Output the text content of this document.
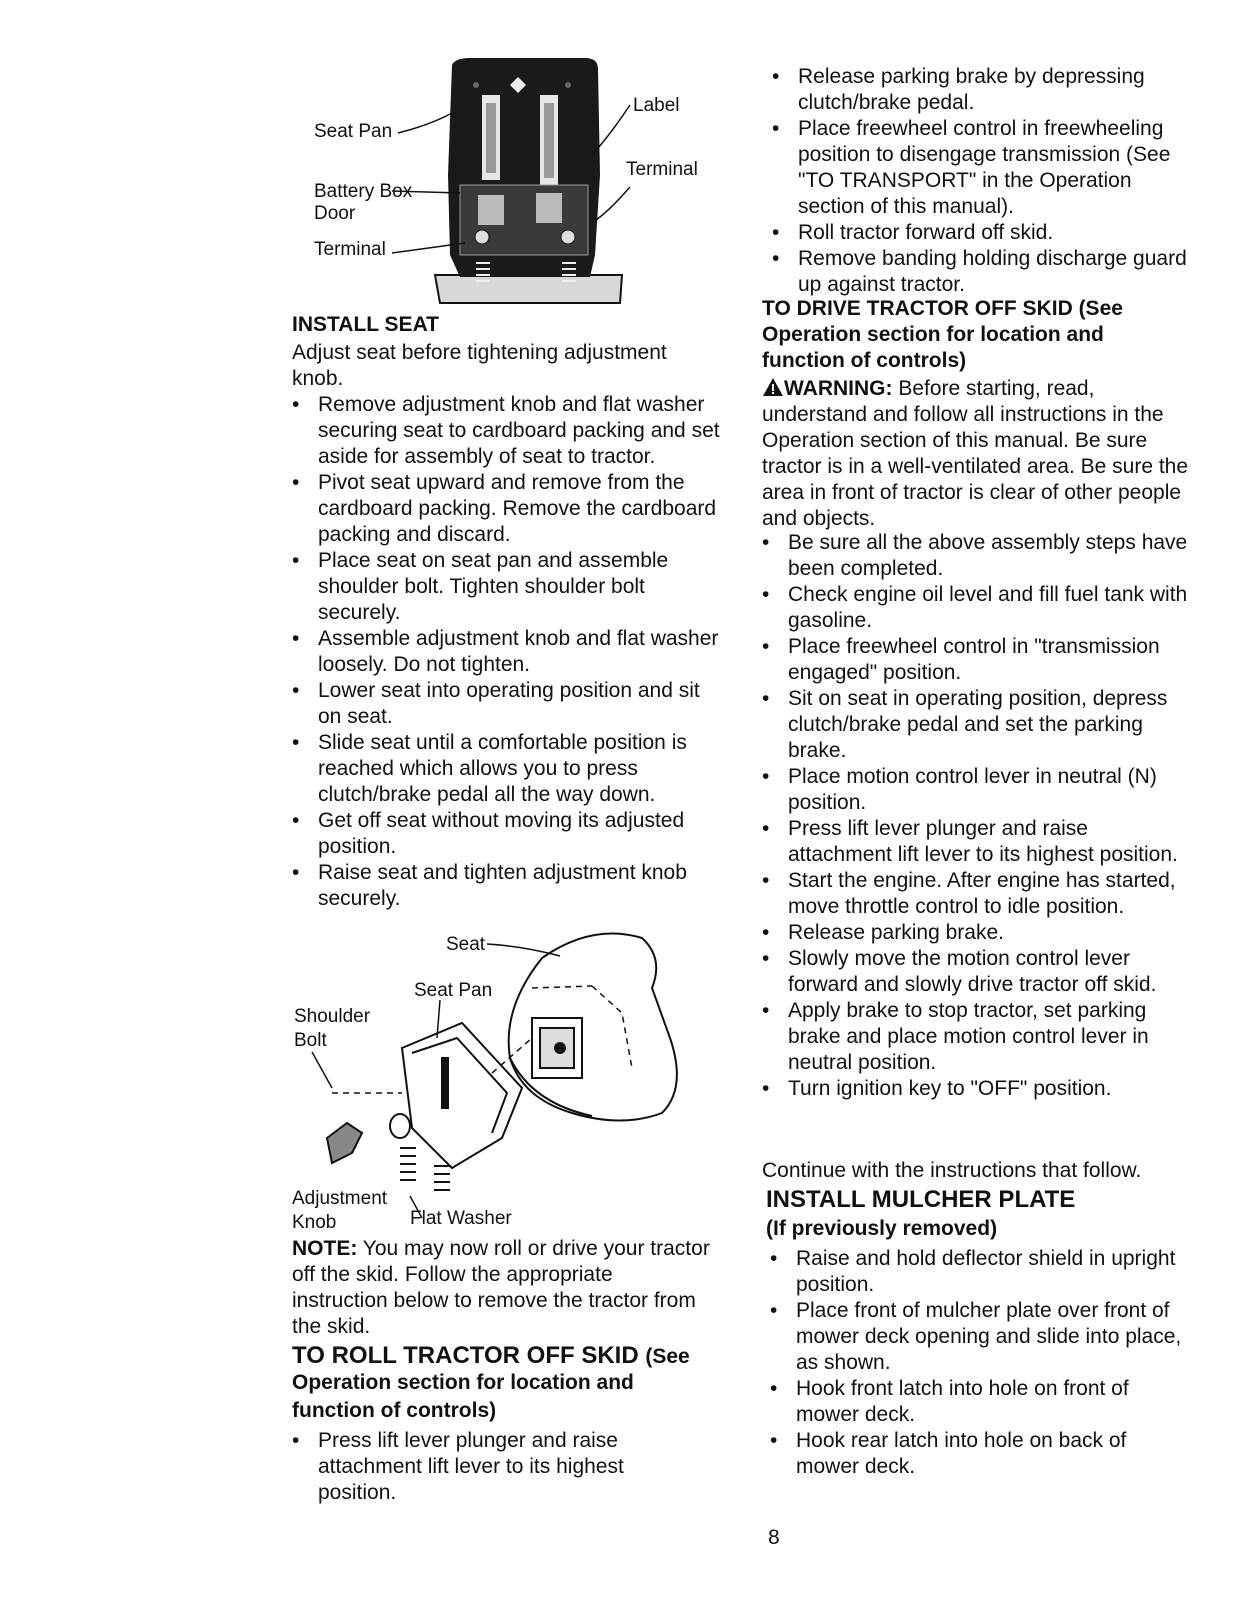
Seat Pan
Label
Terminal
Battery Box
Door
Terminal
INSTALL SEAT

Adjust seat before tightening adjustment knob.

• Remove adjustment knob and flat washer securing seat to cardboard packing and set aside for assembly of seat to tractor.
• Pivot seat upward and remove from the cardboard packing. Remove the cardboard packing and discard.
• Place seat on seat pan and assemble shoulder bolt. Tighten shoulder bolt securely.
• Assemble adjustment knob and flat washer loosely. Do not tighten.
• Lower seat into operating position and sit on seat.
• Slide seat until a comfortable position is reached which allows you to press clutch/brake pedal all the way down.
• Get off seat without moving its adjusted position.
• Raise seat and tighten adjustment knob securely.
Seat
Seat Pan
Shoulder
Bolt
Adjustment
Knob	Flat Washer

NOTE: You may now roll or drive your tractor off the skid. Follow the appropriate instruction below to remove the tractor from the skid.

TO ROLL TRACTOR OFF SKID (See
Operation section for location and
function of controls)
• Press lift lever plunger and raise attachment lift lever to its highest position.
• Release parking brake by depressing clutch/brake pedal.
• Place freewheel control in freewheeling position to disengage transmission (See "TO TRANSPORT" in the Operation section of this manual).
• Roll tractor forward off skid.
• Remove banding holding discharge guard up against tractor.
TO DRIVE TRACTOR OFF SKID (See
Operation section for location and
function of controls)

WARNING: Before starting, read, understand and follow all instructions in the Operation section of this manual. Be sure tractor is in a well-ventilated area. Be sure the area in front of tractor is clear of other people and objects.

• Be sure all the above assembly steps have been completed.
• Check engine oil level and fill fuel tank with gasoline.
• Place freewheel control in "transmission engaged" position.
• Sit on seat in operating position, depress clutch/brake pedal and set the parking brake.
• Place motion control lever in neutral (N) position.
• Press lift lever plunger and raise attachment lift lever to its highest position.
• Start the engine. After engine has started, move throttle control to idle position.
• Release parking brake.
• Slowly move the motion control lever forward and slowly drive tractor off skid.
• Apply brake to stop tractor, set parking brake and place motion control lever in neutral position.
• Turn ignition key to "OFF" position.

Continue with the instructions that follow.

INSTALL MULCHER PLATE
(If previously removed)
• Raise and hold deflector shield in upright position.
• Place front of mulcher plate over front of mower deck opening and slide into place, as shown.
• Hook front latch into hole on front of mower deck.
• Hook rear latch into hole on back of mower deck.
8
